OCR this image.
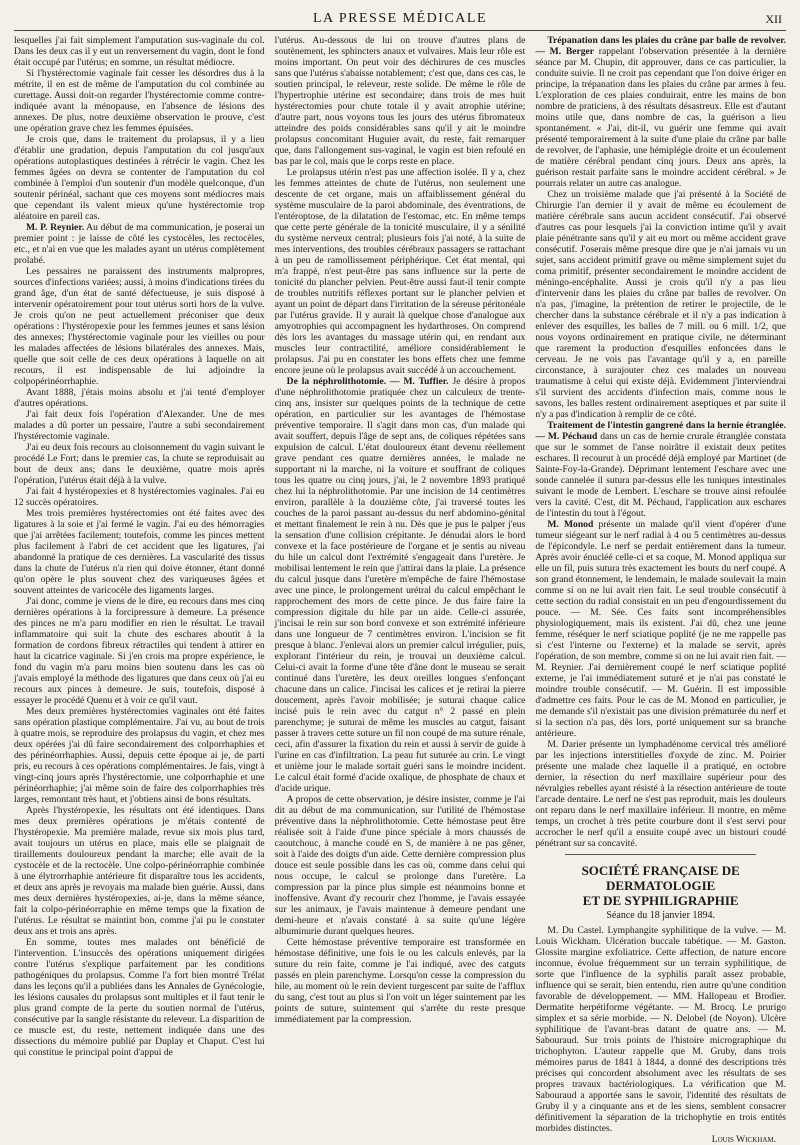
LA PRESSE MÉDICALE	XII

lesquelles j'ai fait simplement l'amputation sus-vaginale du col. Dans les deux cas il y eut un renversement du vagin, dont le fond était occupé par l'utérus; en somme, un résultat médiocre.

Si l'hystérectomie vaginale fait cesser les désordres dus à la métrite, il en est de même de l'amputation du col combinée au curettage. Aussi doit-on regarder l'hystérectomie comme contre-indiquée avant la ménopause, en l'absence de lésions des annexes. De plus, notre deuxième observation le prouve, c'est une opération grave chez les femmes épuisées.

Je crois que, dans le traitement du prolapsus, il y a lieu d'établir une gradation, depuis l'amputation du col jusqu'aux opérations autoplastiques destinées à rétrécir le vagin. Chez les femmes âgées on devra se contenter de l'amputation du col combinée à l'emploi d'un soutenir d'un modèle quelconque, d'un soutenir périnéal, sachant que ces moyens sont médiocres mais que cependant ils valent mieux qu'une hystérectomie trop aléatoire en pareil cas.

M. P. Reynier. Au début de ma communication, je poserai un premier point : je laisse de côté les cystocèles, les rectocèles, etc., et n'ai en vue que les malades ayant un utérus complètement prolabé.

Les pessaires ne paraissent des instruments malpropres, sources d'infections variées; aussi, à moins d'indications tirées du grand âge, d'un état de santé défectueuse, je suis disposé à intervenir opératoirement pour tout utérus sorti hors de la vulve. Je crois qu'on ne peut actuellement préconiser que deux opérations : l'hystéropexie pour les femmes jeunes et sans lésion des annexes; l'hystérectomie vaginale pour les vieilles ou pour les malades affectées de lésions bilatérales des annexes. Mais, quelle que soit celle de ces deux opérations à laquelle on ait recours, il est indispensable de lui adjoindre la colpopérinéorrhaphie.

Avant 1888, j'étais moins absolu et j'ai tenté d'employer d'autres opérations.

J'ai fait deux fois l'opération d'Alexander. Une de mes malades a dû porter un pessaire, l'autre a subi secondairement l'hystérectomie vaginale.

J'ai eu deux fois recours au cloisonnement du vagin suivant le procédé Le Fort; dans le premier cas, la chute se reproduisait au bout de deux ans; dans le deuxième, quatre mois après l'opération, l'utérus était déjà à la vulve.

J'ai fait 4 hystéropexies et 8 hystérectomies vaginales. J'ai eu 12 succès opératoires.

Mes trois premières hystérectomies ont été faites avec des ligatures à la soie et j'ai fermé le vagin. J'ai eu des hémorragies que j'ai arrêtées facilement; toutefois, comme les pinces mettent plus facilement à l'abri de cet accident que les ligatures, j'ai abandonné la pratique de ces dernières. La vascularité des tissus dans la chute de l'utérus n'a rien qui doive étonner, étant donné qu'on opère le plus souvent chez des variqueuses âgées et souvent atteintes de varicocèle des ligaments larges.

J'ai donc, comme je viens de le dire, eu recours dans mes cinq dernières opérations à la forcipressure à demeure. La présence des pinces ne m'a paru modifier en rien le résultat. Le travail inflammatoire qui suit la chute des eschares aboutit à la formation de cordons fibreux rétractiles qui tendent à attirer en haut la cicatrice vaginale. Si j'en crois ma propre expérience, le fond du vagin m'a paru moins bien soutenu dans les cas où j'avais employé la méthode des ligatures que dans ceux où j'ai eu recours aux pinces à demeure. Je suis, toutefois, disposé à essayer le procédé Quenu et à voir ce qu'il vaut.

Mes deux premières hystérectomies vaginales ont été faites sans opération plastique complémentaire. J'ai vu, au bout de trois à quatre mois, se reproduire des prolapsus du vagin, et chez mes deux opérées j'ai dû faire secondairement des colporrhaphies et des périnéorrhaphies. Aussi, depuis cette époque ai je, de parti pris, eu recours à ces opérations complémentaires. Je fais, vingt à vingt-cinq jours après l'hystérectomie, une colporrhaphie et une périnéorrhaphie; j'ai même soin de faire des colporrhaphies très larges, remontant très haut, et j'obtiens ainsi de bons résultats.

Après l'hystéropexie, les résultats ont été identiques. Dans mes deux premières opérations je m'étais contenté de l'hystéropexie. Ma première malade, revue six mois plus tard, avait toujours un utérus en place, mais elle se plaignait de tiraillements douloureux pendant la marche; elle avait de la cystocèle et de la rectocèle. Une colpo-périnéorraphie combinée à une élytrorrhaphie antérieure fit disparaître tous les accidents, et deux ans après je revoyais ma malade bien guérie. Aussi, dans mes deux dernières hystéropexies, ai-je, dans la même séance, fait la colpo-périnéorraphie en même temps que la fixation de l'utérus. Le résultat se maintint bon, comme j'ai pu le constater deux ans et trois ans après.

En somme, toutes mes malades ont bénéficié de l'intervention. L'insuccès des opérations uniquement dirigées contre l'utérus s'explique parfaitement par les conditions pathogéniques du prolapsus. Comme l'a fort bien montré Trélat dans les leçons qu'il a publiées dans les Annales de Gynécologie, les lésions causales du prolapsus sont multiples et il faut tenir le plus grand compte de la perte du soutien normal de l'utérus, consécutive par la sangle résistante du releveur. La disparition de ce muscle est, du reste, nettement indiquée dans une des dissections du mémoire publié par Duplay et Chaput. C'est lui qui constitue le principal point d'appui de

l'utérus. Au-dessous de lui on trouve d'autres plans de soutènement, les sphincters anaux et vulvaires. Mais leur rôle est moins important. On peut voir des déchirures de ces muscles sans que l'utérus s'abaisse notablement; c'est que, dans ces cas, le soutien principal, le releveur, reste solide. De même le rôle de l'hypertrophie utérine est secondaire; dans trois de mes huit hystérectomies pour chute totale il y avait atrophie utérine; d'autre part, nous voyons tous les jours des utérus fibromateux atteindre des poids considérables sans qu'il y ait le moindre prolapsus concomitant Huguier avait, du reste, fait remarquer que, dans l'allongement sus-vaginal, le vagin est bien refoulé en bas par le col, mais que le corps reste en place.

Le prolapsus utérin n'est pas une affection isolée. Il y a, chez les femmes atteintes de chute de l'utérus, non seulement une descente de cet organe, mais un affaiblissement général du système musculaire de la paroi abdominale, des éventrations, de l'entéroptose, de la dilatation de l'estomac, etc. En même temps que cette perte générale de la tonicité musculaire, il y a sénilité du système nerveux central; plusieurs fois j'ai noté, à la suite de mes interventions, des troubles cérébraux passagers se rattachant à un peu de ramollissement périphérique. Cet état mental, qui m'a frappé, n'est peut-être pas sans influence sur la perte de tonicité du plancher pelvien. Peut-être aussi faut-il tenir compte de troubles nutritifs réflexes portant sur le plancher pelvien et ayant un point de départ dans l'irritation de la séreuse péritonéale par l'utérus gravide. Il y aurait là quelque chose d'analogue aux amyotrophies qui accompagnent les hydarthroses. On comprend dès lors les avantages du massage utérin qui, en rendant aux muscles leur contractilité, améliore considérablement le prolapsus. J'ai pu en constater les bons effets chez une femme encore jeune où le prolapsus avait succédé à un accouchement.

De la néphrolithotomie. — M. Tuffier. Je désire à propos d'une néphrolithotomie pratiquée chez un calculeux de trente-cinq ans, insister sur quelques points de la technique de cette opération, en particulier sur les avantages de l'hémostase préventive temporaire. Il s'agit dans mon cas, d'un malade qui avait souffert, depuis l'âge de sept ans, de coliques répétées sans expulsion de calcul. L'état douloureux étant devenu réellement grave pendant ces quatre dernières années, le malade ne supportant ni la marche, ni la voiture et souffrant de coliques tous les quatre ou cinq jours, j'ai, le 2 novembre 1893 pratiqué chez lui la néphrolithotomie. Par une incision de 14 centimètres environ, parallèle à la douzième côte, j'ai traversé toutes les couches de la paroi passant au-dessus du nerf abdomino-génital et mettant finalement le rein à nu. Dès que je pus le palper j'eus la sensation d'une collision crépitante. Je dénudai alors le bord convexe et la face postérieure de l'organe et je sentis au niveau du hile un calcul dont l'extrémité s'engageait dans l'uretère. Je mobilisai lentement le rein que j'attirai dans la plaie. La présence du calcul jusque dans l'uretère m'empêche de faire l'hémostase avec une pince, le prolongement urétral du calcul empêchant le rapprochement des mors de cette pince. Je dus faire faire la compression digitale du hile par un aide. Celle-ci assurée, j'incisai le rein sur son bord convexe et son extrémité inférieure dans une longueur de 7 centimètres environ. L'incision se fit presque à blanc. J'enlevai alors un premier calcul irrégulier, puis, explorant l'intérieur du rein, je trouvai un deuxième calcul. Celui-ci avait la forme d'une tête d'âne dont le museau se serait continué dans l'uretère, les deux oreilles longues s'enfonçant chacune dans un calice. J'incisai les calices et je retirai la pierre doucement, après l'avoir mobilisée; je suturai chaque calice incisé puis le rein avec du catgut n° 2 passé en plein parenchyme; je suturai de même les muscles au catgut, faisant passer à travers cette suture un fil non coupé de ma suture rénale, ceci, afin d'assurer la fixation du rein et aussi à servir de guide à l'urine en cas d'infiltration. La peau fut suturée au crin. Le vingt et unième jour le malade sortait guéri sans le moindre incident. Le calcul était formé d'acide oxalique, de phosphate de chaux et d'acide urique.

A propos de cette observation, je désire insister, comme je l'ai dit au début de ma communication, sur l'utilité de l'hémostase préventive dans la néphrolithotomie. Cette hémostase peut être réalisée soit à l'aide d'une pince spéciale à mors chaussés de caoutchouc, à manche coudé en S, de manière à ne pas gêner, soit à l'aide des doigts d'un aide. Cette dernière compression plus douce est seule possible dans les cas où, comme dans celui qui nous occupe, le calcul se prolonge dans l'uretère. La compression par la pince plus simple est néanmoins bonne et inoffensive. Avant d'y recourir chez l'homme, je l'avais essayée sur les animaux, je l'avais maintenue à demeure pendant une demi-heure et n'avais constaté à sa suite qu'une légère albuminurie durant quelques heures.

Cette hémostase préventive temporaire est transformée en hémostase définitive, une fois le ou les calculs enlevés, par la suture du rein faite, comme je l'ai indiqué, avec des catguts passés en plein parenchyme. Lorsqu'on cesse la compression du hile, au moment où le rein devient turgescent par suite de l'afflux du sang, c'est tout au plus si l'on voit un léger suintement par les points de suture, suintement qui s'arrête du reste presque immédiatement par la compression.

Trépanation dans les plaies du crâne par balle de revolver. — M. Berger rappelant l'observation présentée à la dernière séance par M. Chupin, dit approuver, dans ce cas particulier, la conduite suivie. Il ne croit pas cependant que l'on doive ériger en principe, la trépanation dans les plaies du crâne par armes à feu. L'exploration de ces plaies conduirait, entre les mains de bon nombre de praticiens, à des résultats désastreux. Elle est d'autant moins utile que, dans nombre de cas, la guérison a lieu spontanément. « J'ai, dit-il, vu guérir une femme qui avait présenté temporairement à la suite d'une plaie du crâne par balle de revolver, de l'aphasie, une hémiplégie droite et un écoulement de matière cérébral pendant cinq jours. Deux ans après, la guérison restait parfaite sans le moindre accident cérébral. » Je pourrais relater un autre cas analogue.

Chez un troisième malade que j'ai présenté à la Société de Chirurgie l'an dernier il y avait de même eu écoulement de matière cérébrale sans aucun accident consécutif. J'ai observé d'autres cas pour lesquels j'ai la conviction intime qu'il y avait plaie pénétrante sans qu'il y ait eu mort ou même accident grave consécutif. J'oserais même presque dire que je n'ai jamais vu un sujet, sans accident primitif grave ou même simplement sujet du coma primitif, présenter secondairement le moindre accident de méningo-encéphalite. Aussi je crois qu'il n'y a pas lieu d'intervenir dans les plaies du crâne par balles de revolver. On n'a pas, j'imagine, la prétention de retirer le projectile, de le chercher dans la substance cérébrale et il n'y a pas indication à enlever des esquilles, les balles de 7 mill. ou 6 mill. 1/2, que nous voyons ordinairement en pratique civile, ne déterminant que rarement la production d'esquilles enfoncées dans le cerveau. Je ne vois pas l'avantage qu'il y a, en pareille circonstance, à surajouter chez ces malades un nouveau traumatisme à celui qui existe déjà. Evidemment j'interviendrai s'il survient des accidents d'infection mais, comme nous le savons, les balles restent ordinairement aseptiques et par suite il n'y a pas d'indication à remplir de ce côté.

Traitement de l'intestin gangrené dans la hernie étranglée. — M. Péchaud dans un cas de hernie crurale étranglée constata que sur le sommet de l'anse noirâtre il existait deux petites eschares. Il recourut à un procédé déjà employé par Martinet (de Sainte-Foy-la-Grande). Déprimant lentement l'eschare avec une sonde cannelée il sutura par-dessus elle les tuniques intestinales suivant le mode de Lembert. L'eschare se trouve ainsi refoulée vers la cavité. C'est, dit M. Péchaud, l'application aux eschares de l'intestin du tout à l'égout.

M. Monod présente un malade qu'il vient d'opérer d'une tumeur siégeant sur le nerf radial à 4 ou 5 centimètres au-dessus de l'épicondyle. Le nerf se perdait entièrement dans la tumeur. Après avoir énucléé celle-ci et sa coque, M. Monod appliqua sur elle un fil, puis sutura très exactement les bouts du nerf coupé. A son grand étonnement, le lendemain, le malade soulevait la main comme si on ne lui avait rien fait. Le seul trouble consécutif à cette section du radial consistait en un peu d'engourdissement du pouce. — M. Sée. Ces faits sont incompréhensibles physiologiquement, mais ils existent. J'ai dû, chez une jeune femme, réséquer le nerf sciatique poplité (je ne me rappelle pas si c'est l'interne ou l'externe) et la malade se servit, après l'opération, de son membre, comme si on ne lui avait rien fait. — M. Reynier. J'ai dernièrement coupé le nerf sciatique poplité externe, je l'ai immédiatement suturé et je n'ai pas constaté le moindre trouble consécutif. — M. Guérin. Il est impossible d'admettre ces faits. Pour le cas de M. Monod en particulier, je me demande s'il n'existait pas une division prématurée du nerf et si la section n'a pas, dès lors, porté uniquement sur sa branche antérieure.

M. Darier présente un lymphadénome cervical très amélioré par les injections interstitielles d'oxyde de zinc. M. Poirier présente une malade chez laquelle il a pratiqué, en octobre dernier, la résection du nerf maxillaire supérieur pour des névralgies rebelles ayant résisté à la résection antérieure de toute l'arcade dentaire. Le nerf ne s'est pas reproduit, mais les douleurs ont reparu dans le nerf maxillaire inférieur. Il montre, en même temps, un crochet à très petite courbure dont il s'est servi pour accrocher le nerf qu'il a ensuite coupé avec un bistouri coudé pénétrant sur sa concavité.

SOCIÉTÉ FRANÇAISE DE DERMATOLOGIE
ET DE SYPHILIGRAPHIE
Séance du 18 janvier 1894.

M. Du Castel. Lymphangite syphilitique de la vulve. — M. Louis Wickham. Ulcération buccale tabétique. — M. Gaston. Glossite margine exfoliatrice. Cette affection, de nature encore inconnue, évolue fréquemment sur un terrain syphilitique, de sorte que l'influence de la syphilis paraît assez probable, influence qui se serait, bien entendu, rien autre qu'une condition favorable de développement. — MM. Hallopeau et Brodier. Dermatite herpétiforme végétante. — M. Brocq. Le prurigo simplex et sa série morbide. — N. Delobel (de Noyon). Ulcère syphilitique de l'avant-bras datant de quatre ans. — M. Sabouraud. Sur trois points de l'histoire micrographique du trichophyton. L'auteur rappelle que M. Gruby, dans trois mémoires parus de 1841 à 1844, a donné des descriptions très précises qui concordent absolument avec les résultats de ses propres travaux bactériologiques. La vérification que M. Sabouraud a apportée sans le savoir, l'identité des résultats de Gruby il y a cinquante ans et de les siens, semblent consacrer définitivement la séparation de la trichophytie en trois entités morbides distinctes.

Louis Wickham.
